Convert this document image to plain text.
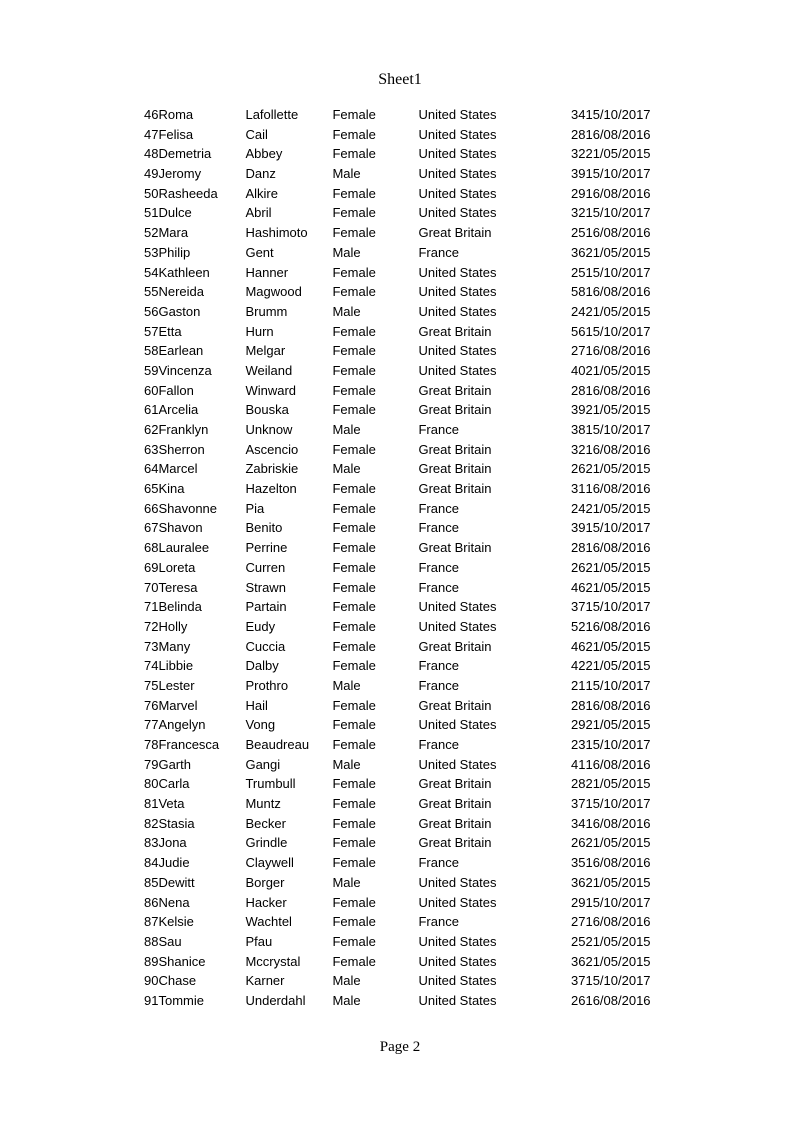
Sheet1
46	Roma	Lafollette	Female	United States	34	15/10/2017
47	Felisa	Cail	Female	United States	28	16/08/2016
48	Demetria	Abbey	Female	United States	32	21/05/2015
49	Jeromy	Danz	Male	United States	39	15/10/2017
50	Rasheeda	Alkire	Female	United States	29	16/08/2016
51	Dulce	Abril	Female	United States	32	15/10/2017
52	Mara	Hashimoto	Female	Great Britain	25	16/08/2016
53	Philip	Gent	Male	France	36	21/05/2015
54	Kathleen	Hanner	Female	United States	25	15/10/2017
55	Nereida	Magwood	Female	United States	58	16/08/2016
56	Gaston	Brumm	Male	United States	24	21/05/2015
57	Etta	Hurn	Female	Great Britain	56	15/10/2017
58	Earlean	Melgar	Female	United States	27	16/08/2016
59	Vincenza	Weiland	Female	United States	40	21/05/2015
60	Fallon	Winward	Female	Great Britain	28	16/08/2016
61	Arcelia	Bouska	Female	Great Britain	39	21/05/2015
62	Franklyn	Unknow	Male	France	38	15/10/2017
63	Sherron	Ascencio	Female	Great Britain	32	16/08/2016
64	Marcel	Zabriskie	Male	Great Britain	26	21/05/2015
65	Kina	Hazelton	Female	Great Britain	31	16/08/2016
66	Shavonne	Pia	Female	France	24	21/05/2015
67	Shavon	Benito	Female	France	39	15/10/2017
68	Lauralee	Perrine	Female	Great Britain	28	16/08/2016
69	Loreta	Curren	Female	France	26	21/05/2015
70	Teresa	Strawn	Female	France	46	21/05/2015
71	Belinda	Partain	Female	United States	37	15/10/2017
72	Holly	Eudy	Female	United States	52	16/08/2016
73	Many	Cuccia	Female	Great Britain	46	21/05/2015
74	Libbie	Dalby	Female	France	42	21/05/2015
75	Lester	Prothro	Male	France	21	15/10/2017
76	Marvel	Hail	Female	Great Britain	28	16/08/2016
77	Angelyn	Vong	Female	United States	29	21/05/2015
78	Francesca	Beaudreau	Female	France	23	15/10/2017
79	Garth	Gangi	Male	United States	41	16/08/2016
80	Carla	Trumbull	Female	Great Britain	28	21/05/2015
81	Veta	Muntz	Female	Great Britain	37	15/10/2017
82	Stasia	Becker	Female	Great Britain	34	16/08/2016
83	Jona	Grindle	Female	Great Britain	26	21/05/2015
84	Judie	Claywell	Female	France	35	16/08/2016
85	Dewitt	Borger	Male	United States	36	21/05/2015
86	Nena	Hacker	Female	United States	29	15/10/2017
87	Kelsie	Wachtel	Female	France	27	16/08/2016
88	Sau	Pfau	Female	United States	25	21/05/2015
89	Shanice	Mccrystal	Female	United States	36	21/05/2015
90	Chase	Karner	Male	United States	37	15/10/2017
91	Tommie	Underdahl	Male	United States	26	16/08/2016
Page 2
